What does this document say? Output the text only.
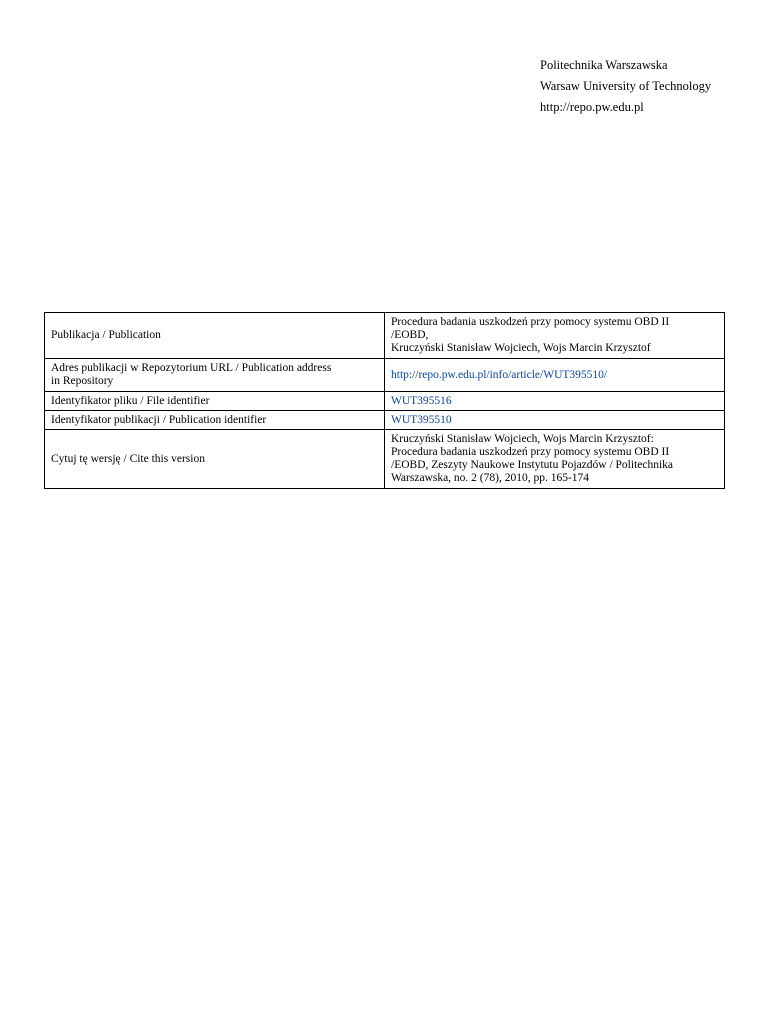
Politechnika Warszawska
Warsaw University of Technology
http://repo.pw.edu.pl
Publikacja / Publication	Procedura badania uszkodzeń przy pomocy systemu OBD II
/EOBD,
Kruczyński Stanisław Wojciech, Wojs Marcin Krzysztof
Adres publikacji w Repozytorium URL / Publication address
in Repository	http://repo.pw.edu.pl/info/article/WUT395510/
Identyfikator pliku / File identifier	WUT395516
Identyfikator publikacji / Publication identifier	WUT395510
Cytuj tę wersję / Cite this version	Kruczyński Stanisław Wojciech, Wojs Marcin Krzysztof:
Procedura badania uszkodzeń przy pomocy systemu OBD II
/EOBD, Zeszyty Naukowe Instytutu Pojazdów / Politechnika
Warszawska, no. 2 (78), 2010, pp. 165-174
